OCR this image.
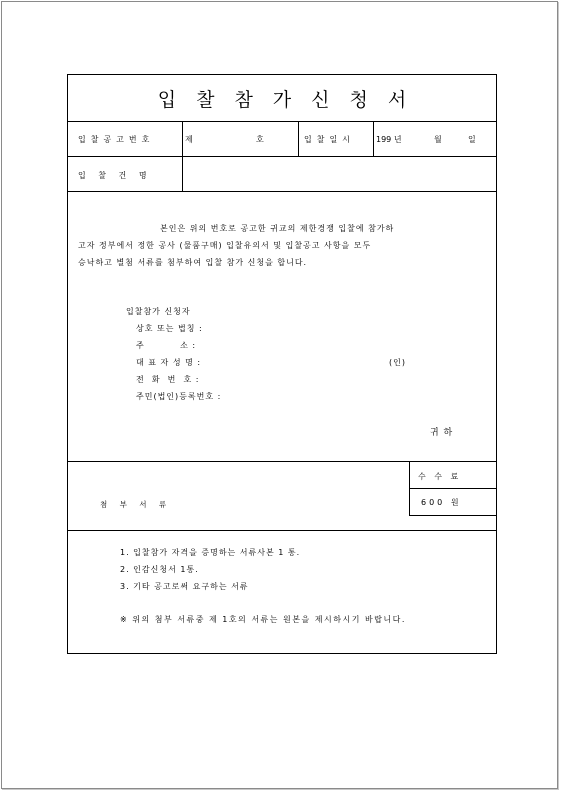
입찰참가신청서
입찰공고번호	제	호	입찰일시	199 년	월	일
입 찰 건 명
본인은 위의 번호로 공고한 귀교의 제한경쟁 입찰에 참가하
고자 정부에서 정한 공사 (물품구매) 입찰유의서 및 입찰공고 사항을 모두
승낙하고 별첨 서류를 첨부하여 입찰 참가 신청을 합니다.
입찰참가 신청자
상호 또는 법칭 :
주          소 :
대 표 자 성 명 :
전  화  번  호 :
주민(법인)등록번호 :
(인)
귀 하
수 수 료
600 원
첨 부 서 류
1. 입찰참가 자격을 증명하는 서류사본 1 통.
2. 인감신청서 1통.
3. 기타 공고로써 요구하는 서류
※ 위의 첨부 서류중 제 1호의 서류는 원본을 제시하시기 바랍니다.
